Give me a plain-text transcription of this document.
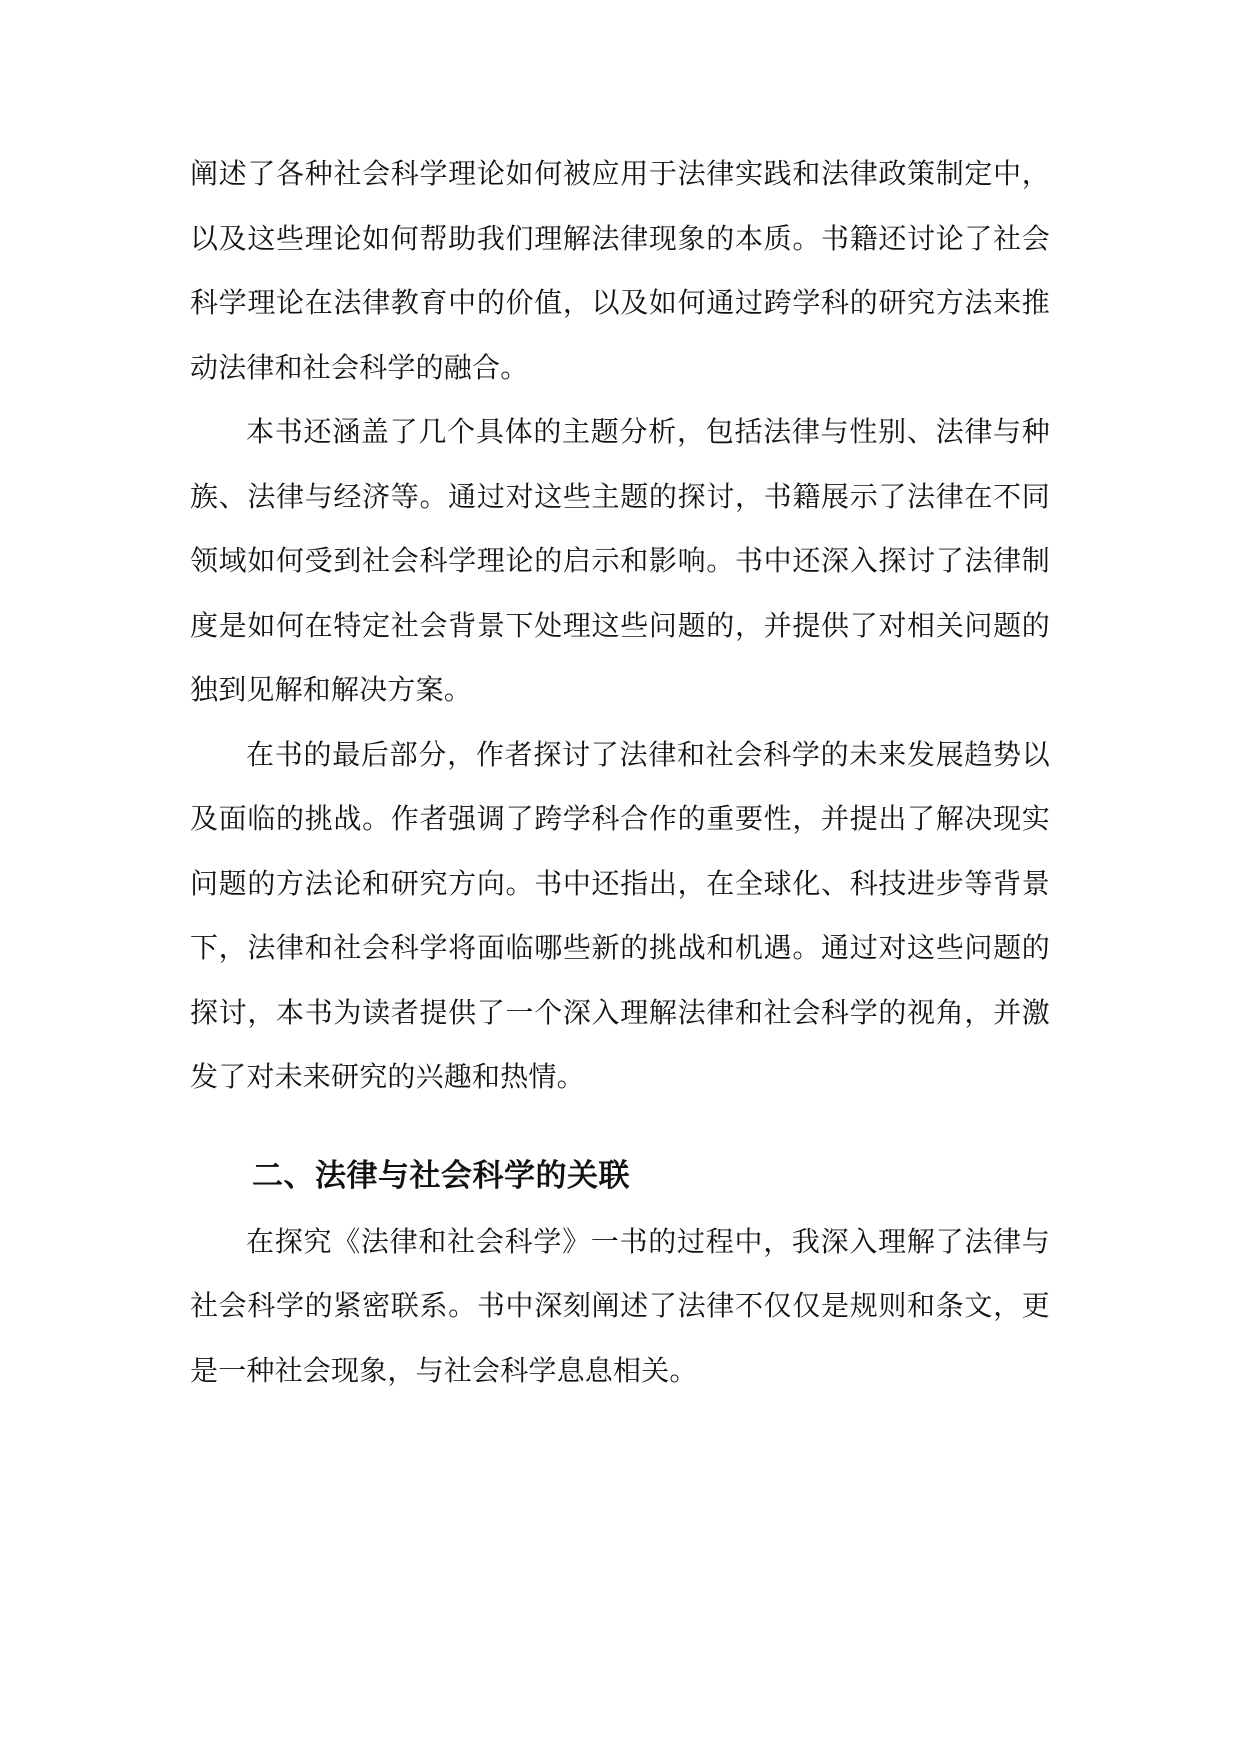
阐述了各种社会科学理论如何被应用于法律实践和法律政策制定中，以及这些理论如何帮助我们理解法律现象的本质。书籍还讨论了社会科学理论在法律教育中的价值，以及如何通过跨学科的研究方法来推动法律和社会科学的融合。

本书还涵盖了几个具体的主题分析，包括法律与性别、法律与种族、法律与经济等。通过对这些主题的探讨，书籍展示了法律在不同领域如何受到社会科学理论的启示和影响。书中还深入探讨了法律制度是如何在特定社会背景下处理这些问题的，并提供了对相关问题的独到见解和解决方案。

在书的最后部分，作者探讨了法律和社会科学的未来发展趋势以及面临的挑战。作者强调了跨学科合作的重要性，并提出了解决现实问题的方法论和研究方向。书中还指出，在全球化、科技进步等背景下，法律和社会科学将面临哪些新的挑战和机遇。通过对这些问题的探讨，本书为读者提供了一个深入理解法律和社会科学的视角，并激发了对未来研究的兴趣和热情。

二、法律与社会科学的关联

在探究《法律和社会科学》一书的过程中，我深入理解了法律与社会科学的紧密联系。书中深刻阐述了法律不仅仅是规则和条文，更是一种社会现象，与社会科学息息相关。
